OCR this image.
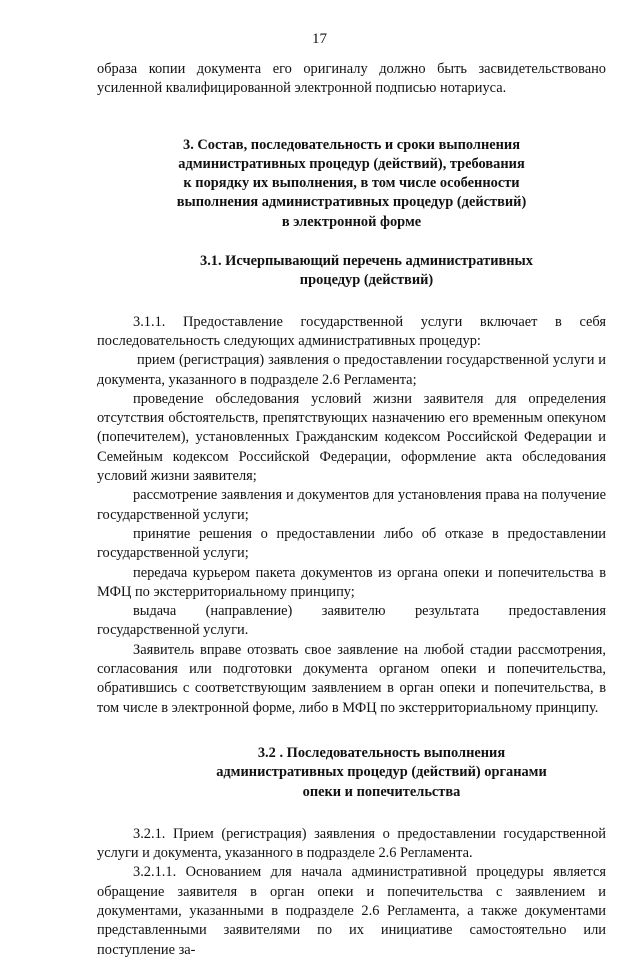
17

образа копии документа его оригиналу должно быть засвидетельствовано усиленной квалифицированной электронной подписью нотариуса.

3. Состав, последовательность и сроки выполнения
административных процедур (действий), требования
к порядку их выполнения, в том числе особенности
выполнения административных процедур (действий)
в электронной форме
3.1. Исчерпывающий перечень административных
процедур (действий)

3.1.1. Предоставление государственной услуги включает в себя последовательность следующих административных процедур:

прием (регистрация) заявления о предоставлении государственной услуги и документа, указанного в подразделе 2.6 Регламента;

проведение обследования условий жизни заявителя для определения отсутствия обстоятельств, препятствующих назначению его временным опекуном (попечителем), установленных Гражданским кодексом Российской Федерации и Семейным кодексом Российской Федерации, оформление акта обследования условий жизни заявителя;

рассмотрение заявления и документов для установления права на получение государственной услуги;

принятие решения о предоставлении либо об отказе в предоставлении государственной услуги;

передача курьером пакета документов из органа опеки и попечительства в МФЦ по экстерриториальному принципу;

выдача (направление) заявителю результата предоставления государственной услуги.

Заявитель вправе отозвать свое заявление на любой стадии рассмотрения, согласования или подготовки документа органом опеки и попечительства, обратившись с соответствующим заявлением в орган опеки и попечительства, в том числе в электронной форме, либо в МФЦ по экстерриториальному принципу.

3.2 . Последовательность выполнения
административных процедур (действий) органами
опеки и попечительства

3.2.1. Прием (регистрация) заявления о предоставлении государственной услуги и документа, указанного в подразделе 2.6 Регламента.

3.2.1.1. Основанием для начала административной процедуры является обращение заявителя в орган опеки и попечительства с заявлением и документами, указанными в подразделе 2.6 Регламента, а также документами представленными заявителями по их инициативе самостоятельно или поступление за-
